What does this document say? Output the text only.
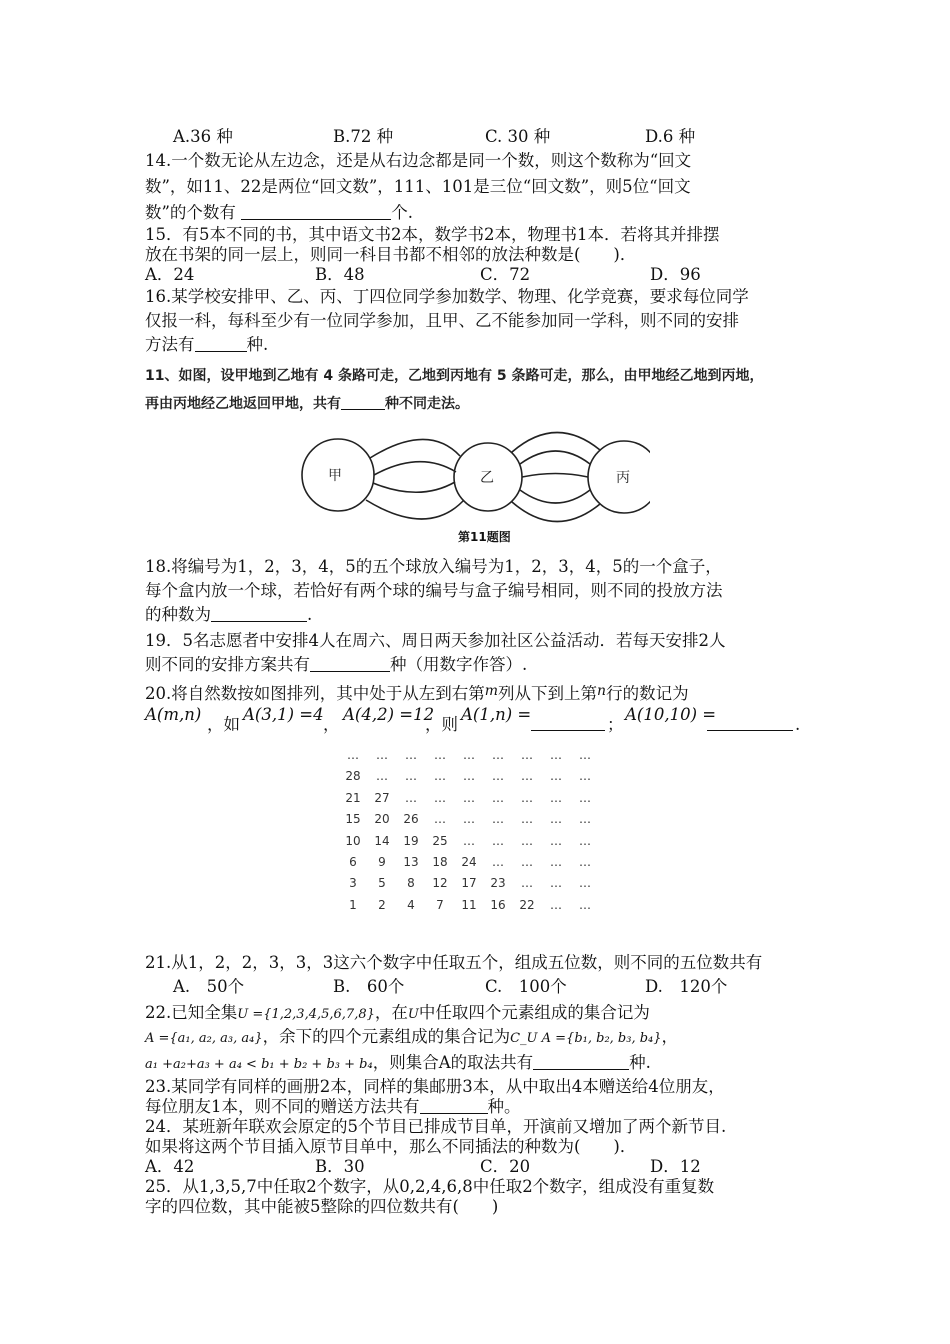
A.36 种	B.72 种	C. 30 种	D.6 种
14.一个数无论从左边念，还是从右边念都是同一个数，则这个数称为“回文
数”，如11、22是两位“回文数”，111、101是三位“回文数”，则5位“回文
数”的个数有	个.
15．有5本不同的书，其中语文书2本，数学书2本，物理书1本．若将其并排摆
放在书架的同一层上，则同一科目书都不相邻的放法种数是(　　)．
A．24	B．48	C．72	D．96
16.某学校安排甲、乙、丙、丁四位同学参加数学、物理、化学竞赛，要求每位同学
仅报一科，每科至少有一位同学参加，且甲、乙不能参加同一学科，则不同的安排
方法有	种.
11、如图，设甲地到乙地有 4 条路可走，乙地到丙地有 5 条路可走，那么，由甲地经乙地到丙地，
再由丙地经乙地返回甲地，共有	种不同走法。
甲	乙	丙
第11题图
18.将编号为1，2，3，4，5的五个球放入编号为1，2，3，4，5的一个盒子，
每个盒内放一个球，若恰好有两个球的编号与盒子编号相同，则不同的投放方法
的种数为	.
19．5名志愿者中安排4人在周六、周日两天参加社区公益活动．若每天安排2人
则不同的安排方案共有	种（用数字作答）.
20.将自然数按如图排列，其中处于从左到右第$^m$列从下到上第$^n$行的数记为
A(m,n)
，如
A(3,1) =4
，
A(4,2) =12
，则
A(1,n) =
；
A(10,10) =
.
…	…	…	…	…	…	…	…	…
28	…	…	…	…	…	…	…	…
21	27	…	…	…	…	…	…	…
15	20	26	…	…	…	…	…	…
10	14	19	25	…	…	…	…	…
6	9	13	18	24	…	…	…	…
3	5	8	12	17	23	…	…	…
1	2	4	7	11	16	22	…	…
21.从1，2，2，3，3，3这六个数字中任取五个，组成五位数，则不同的五位数共有
A.　50个	B.　60个	C.　100个	D.　120个
22.已知全集U ={1,2,3,4,5,6,7,8}，在U中任取四个元素组成的集合记为
A ={a₁, a₂, a₃, a₄}，余下的四个元素组成的集合记为C_U A ={b₁, b₂, b₃, b₄}，
a₁ +a₂+a₃ + a₄ < b₁ + b₂ + b₃ + b₄，则集合A的取法共有	种.
23.某同学有同样的画册2本，同样的集邮册3本，从中取出4本赠送给4位朋友，
每位朋友1本，则不同的赠送方法共有	种。
24．某班新年联欢会原定的5个节目已排成节目单，开演前又增加了两个新节目.
如果将这两个节目插入原节目单中，那么不同插法的种数为(　　)．
A．42	B．30	C．20	D．12
25．从1,3,5,7中任取2个数字，从0,2,4,6,8中任取2个数字，组成没有重复数
字的四位数，其中能被5整除的四位数共有(　　)
